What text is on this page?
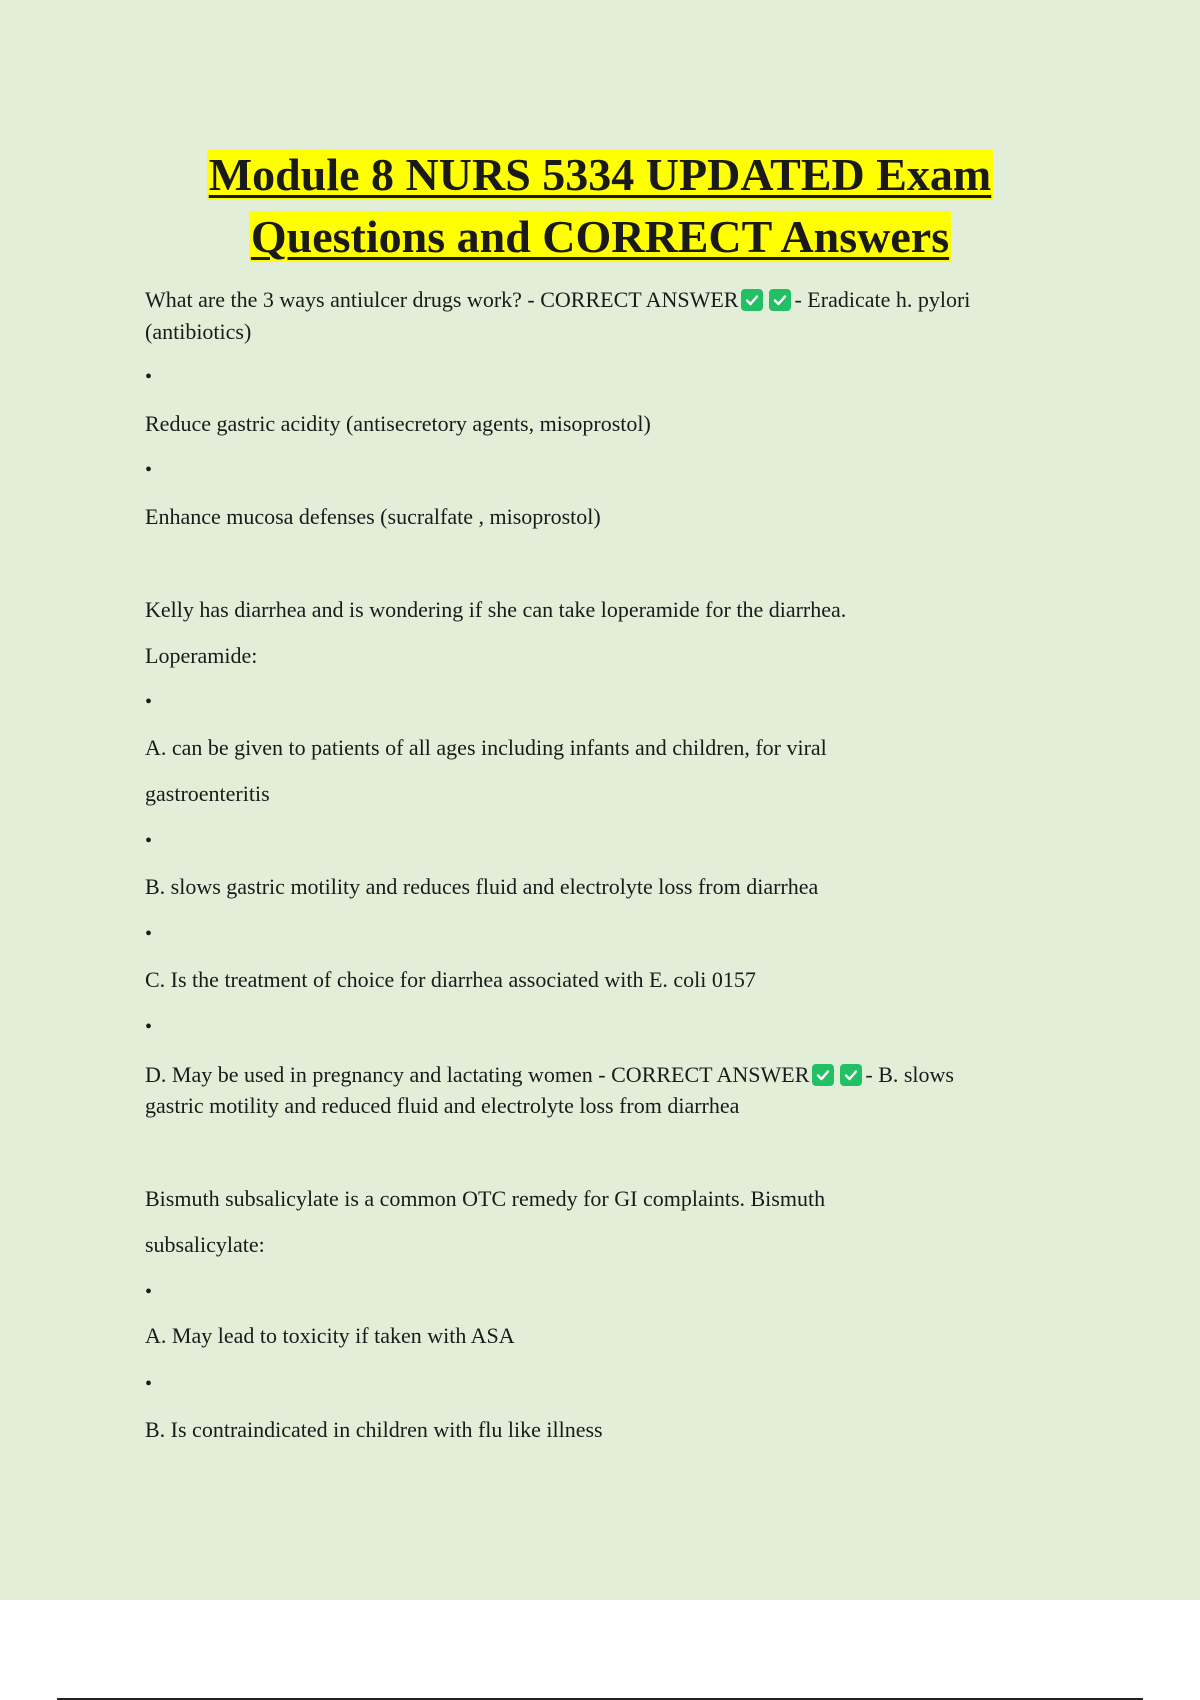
Module 8 NURS 5334 UPDATED Exam
Questions and CORRECT Answers
What are the 3 ways antiulcer drugs work? - CORRECT ANSWER	- Eradicate h. pylori
(antibiotics)
•
Reduce gastric acidity (antisecretory agents, misoprostol)
•
Enhance mucosa defenses (sucralfate , misoprostol)
Kelly has diarrhea and is wondering if she can take loperamide for the diarrhea.
Loperamide:
•
A. can be given to patients of all ages including infants and children, for viral
gastroenteritis
•
B. slows gastric motility and reduces fluid and electrolyte loss from diarrhea
•
C. Is the treatment of choice for diarrhea associated with E. coli 0157
•
D. May be used in pregnancy and lactating women - CORRECT ANSWER	- B. slows
gastric motility and reduced fluid and electrolyte loss from diarrhea
Bismuth subsalicylate is a common OTC remedy for GI complaints. Bismuth
subsalicylate:
•
A. May lead to toxicity if taken with ASA
•
B. Is contraindicated in children with flu like illness
